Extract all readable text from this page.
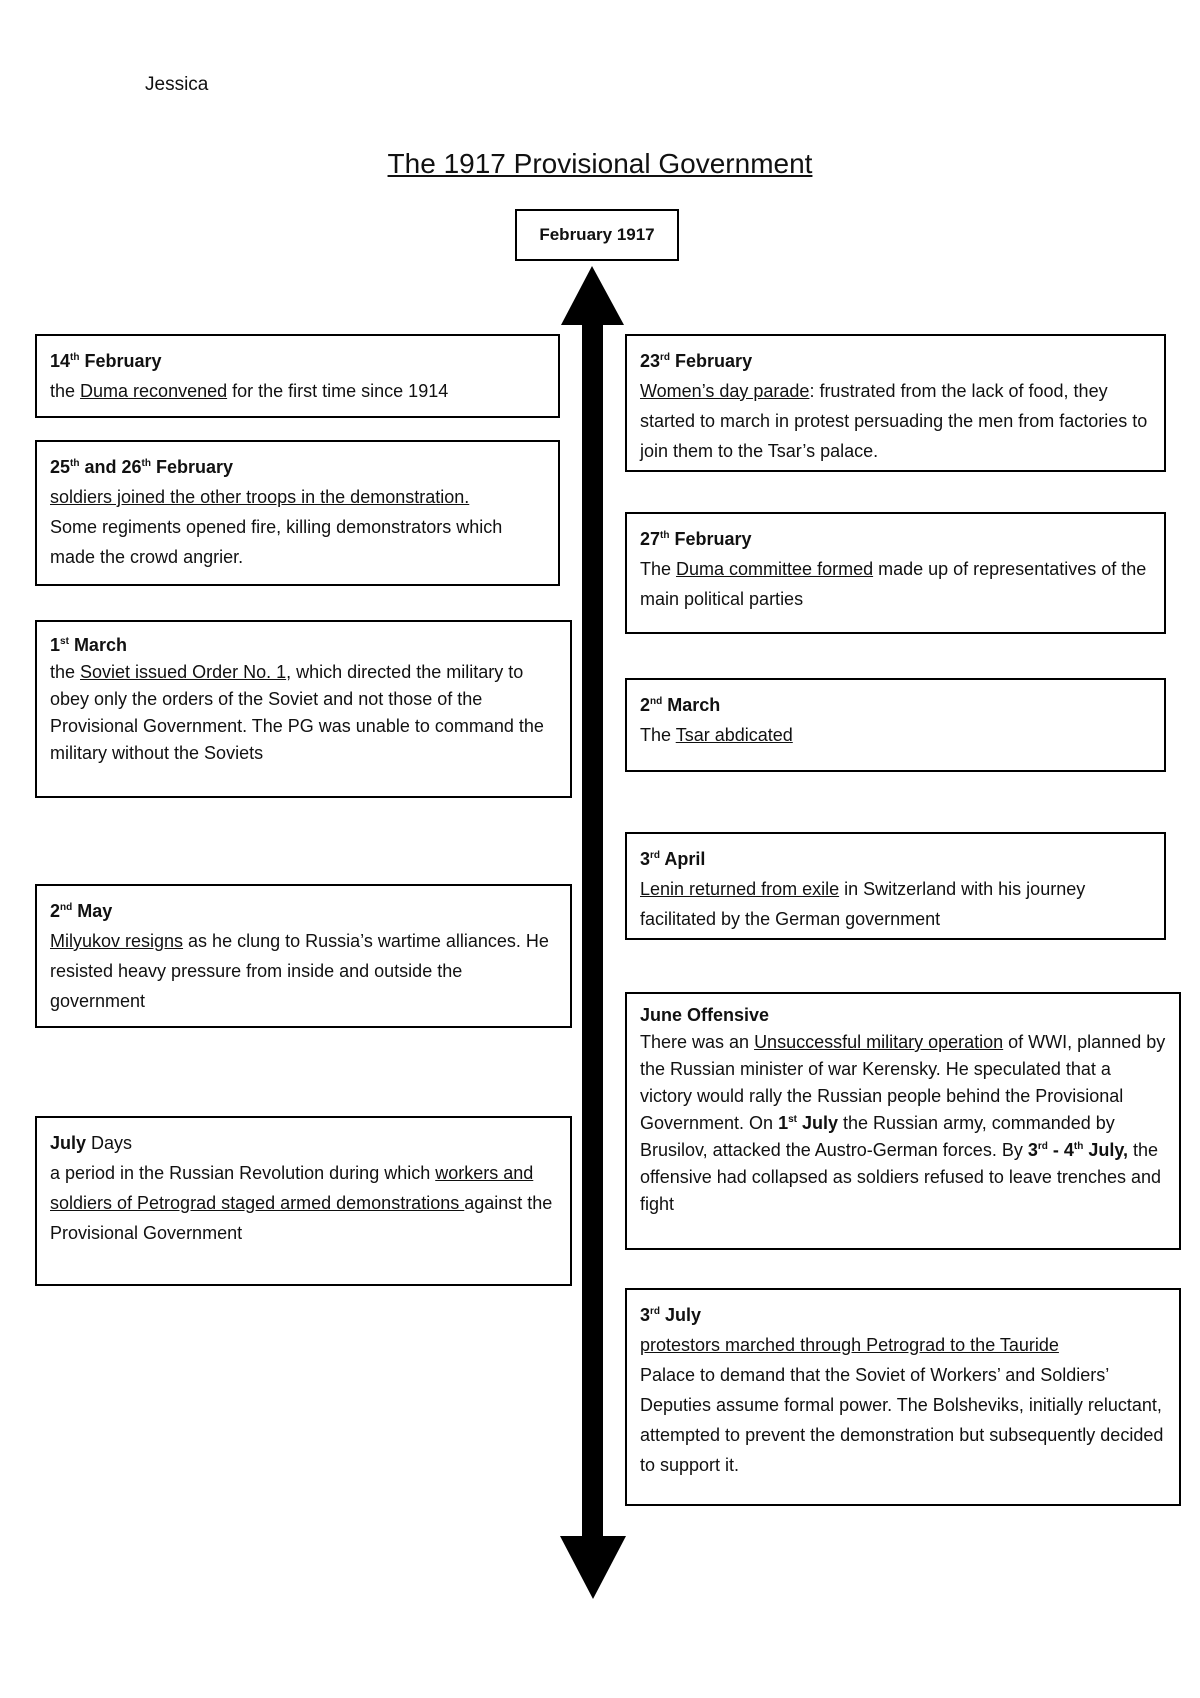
Jessica
The 1917 Provisional Government
February 1917
14th February
the Duma reconvened for the first time since 1914
25th and 26th February
soldiers joined the other troops in the demonstration.
Some regiments opened fire, killing demonstrators which made the crowd angrier.
1st March
the Soviet issued Order No. 1, which directed the military to obey only the orders of the Soviet and not those of the Provisional Government. The PG was unable to command the military without the Soviets
2nd May
Milyukov resigns as he clung to Russia’s wartime alliances. He resisted heavy pressure from inside and outside the government
July Days
a period in the Russian Revolution during which workers and soldiers of Petrograd staged armed demonstrations against the Provisional Government
23rd February
Women’s day parade: frustrated from the lack of food, they started to march in protest persuading the men from factories to join them to the Tsar’s palace.
27th February
The Duma committee formed made up of representatives of the main political parties
2nd March
The Tsar abdicated
3rd April
Lenin returned from exile in Switzerland with his journey facilitated by the German government
June Offensive
There was an Unsuccessful military operation of WWI, planned by the Russian minister of war Kerensky. He speculated that a victory would rally the Russian people behind the Provisional Government. On 1st July the Russian army, commanded by Brusilov, attacked the Austro-German forces. By 3rd - 4th July, the offensive had collapsed as soldiers refused to leave trenches and fight
3rd July
protestors marched through Petrograd to the Tauride
Palace to demand that the Soviet of Workers’ and Soldiers’ Deputies assume formal power. The Bolsheviks, initially reluctant, attempted to prevent the demonstration but subsequently decided to support it.
